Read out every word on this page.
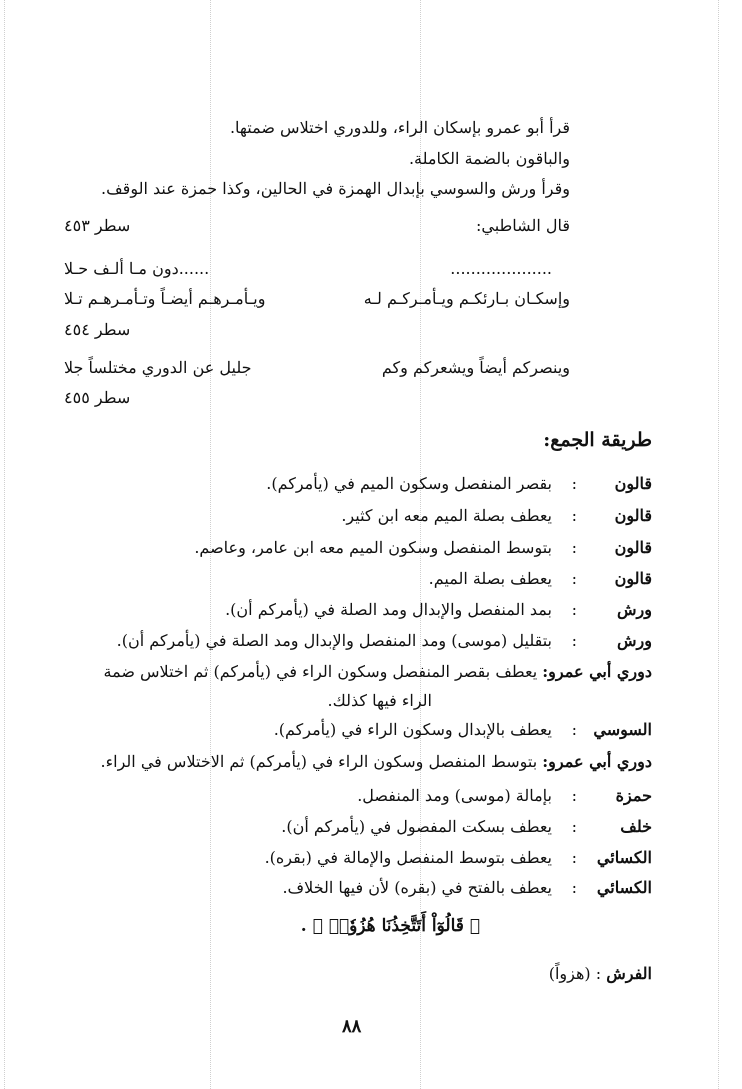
قرأ أبو عمرو بإسكان الراء، وللدوري اختلاس ضمتها.
والباقون بالضمة الكاملة.
وقرأ ورش والسوسي بإبدال الهمزة في الحالين، وكذا حمزة عند الوقف.
قال الشاطبي:
سطر ٤٥٣
....................
......دون مـا ألـف حـلا
وإسكـان بـارئكـم ويـأمـركـم لـه
ويـأمـرهـم أيضـاً وتـأمـرهـم تـلا
سطر ٤٥٤
وينصركم أيضاً ويشعركم وكم
جليل عن الدوري مختلساً جلا
سطر ٤٥٥
طريقة الجمع:
قالون
:
بقصر المنفصل وسكون الميم في (يأمركم).
قالون
:
يعطف بصلة الميم معه ابن كثير.
قالون
:
بتوسط المنفصل وسكون الميم معه ابن عامر، وعاصم.
قالون
:
يعطف بصلة الميم.
ورش
:
بمد المنفصل والإبدال ومد الصلة في (يأمركم أن).
ورش
:
بتقليل (موسى) ومد المنفصل والإبدال ومد الصلة في (يأمركم أن).
دوري أبي عمرو: يعطف بقصر المنفصل وسكون الراء في (يأمركم) ثم اختلاس ضمة
الراء فيها كذلك.
السوسي
:
يعطف بالإبدال وسكون الراء في (يأمركم).
دوري أبي عمرو: بتوسط المنفصل وسكون الراء في (يأمركم) ثم الاختلاس في الراء.
حمزة
:
بإمالة (موسى) ومد المنفصل.
خلف
:
يعطف بسكت المفصول في (يأمركم أن).
الكسائي
:
يعطف بتوسط المنفصل والإمالة في (بقره).
الكسائي
:
يعطف بالفتح في (بقره) لأن فيها الخلاف.
﴿ قَالُوٓاْ أَتَتَّخِذُنَا هُزُوٗاۖ ﴾ .
الفرش : (هزواً)
٨٨
